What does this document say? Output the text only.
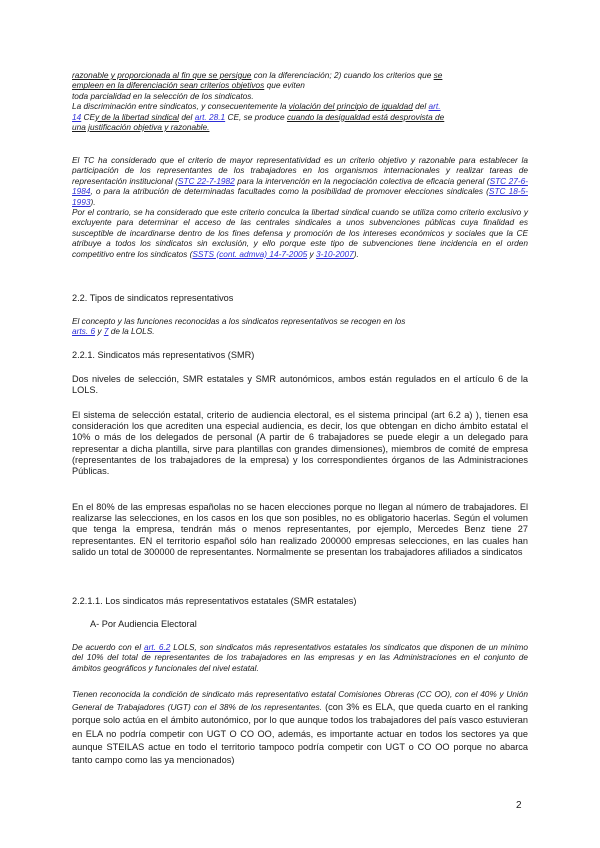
razonable y proporcionada al fin que se persigue con la diferenciación; 2) cuando los criterios que se
empleen en la diferenciación sean criterios objetivos que eviten
toda parcialidad en la selección de los sindicatos.
La discriminación entre sindicatos, y consecuentemente la violación del principio de igualdad del art.
14 CEy de la libertad sindical del art. 28.1 CE, se produce cuando la desigualdad está desprovista de
una justificación objetiva y razonable.
El TC ha considerado que el criterio de mayor representatividad es un criterio objetivo y razonable para establecer la participación de los representantes de los trabajadores en los organismos internacionales y realizar tareas de representación institucional (STC 22-7-1982 para la intervención en la negociación colectiva de eficacia general (STC 27-6-1984, o para la atribución de determinadas facultades como la posibilidad de promover elecciones sindicales (STC 18-5-1993).
Por el contrario, se ha considerado que este criterio conculca la libertad sindical cuando se utiliza como criterio exclusivo y excluyente para determinar el acceso de las centrales sindicales a unos subvenciones públicas cuya finalidad es susceptible de incardinarse dentro de los fines defensa y promoción de los intereses económicos y sociales que la CE atribuye a todos los sindicatos sin exclusión, y ello porque este tipo de subvenciones tiene incidencia en el orden competitivo entre los sindicatos (SSTS (cont. admva) 14-7-2005 y 3-10-2007).
2.2. Tipos de sindicatos representativos
El concepto y las funciones reconocidas a los sindicatos representativos se recogen en los
arts. 6 y 7 de la LOLS.
2.2.1. Sindicatos más representativos (SMR)
Dos niveles de selección, SMR estatales y SMR autonómicos, ambos están regulados en el artículo 6 de la LOLS.
El sistema de selección estatal, criterio de audiencia electoral, es el sistema principal (art 6.2 a) ), tienen esa consideración los que acrediten una especial audiencia, es decir, los que obtengan en dicho ámbito estatal el 10% o más de los delegados de personal (A partir de 6 trabajadores se puede elegir a un delegado para representar a dicha plantilla, sirve para plantillas con grandes dimensiones), miembros de comité de empresa (representantes de los trabajadores de la empresa) y los correspondientes órganos de las Administraciones Públicas.
En el 80% de las empresas españolas no se hacen elecciones porque no llegan al número de trabajadores. El realizarse las selecciones, en los casos en los que son posibles, no es obligatorio hacerlas. Según el volumen que tenga la empresa, tendrán más o menos representantes, por ejemplo, Mercedes Benz tiene 27 representantes. EN el territorio español sólo han realizado 200000 empresas selecciones, en las cuales han salido un total de 300000 de representantes. Normalmente se presentan los trabajadores afiliados a sindicatos
2.2.1.1. Los sindicatos más representativos estatales (SMR estatales)
A- Por Audiencia Electoral
De acuerdo con el art. 6.2 LOLS, son sindicatos más representativos estatales los sindicatos que disponen de un mínimo del 10% del total de representantes de los trabajadores en las empresas y en las Administraciones en el conjunto de ámbitos geográficos y funcionales del nivel estatal.
Tienen reconocida la condición de sindicato más representativo estatal Comisiones Obreras (CC OO), con el 40% y Unión General de Trabajadores (UGT) con el 38% de los representantes. (con 3% es ELA, que queda cuarto en el ranking porque solo actúa en el ámbito autonómico, por lo que aunque todos los trabajadores del país vasco estuvieran en ELA no podría competir con UGT O CO OO, además, es importante actuar en todos los sectores ya que aunque STEILAS actue en todo el territorio tampoco podría competir con UGT o CO OO porque no abarca tanto campo como las ya mencionados)
2
